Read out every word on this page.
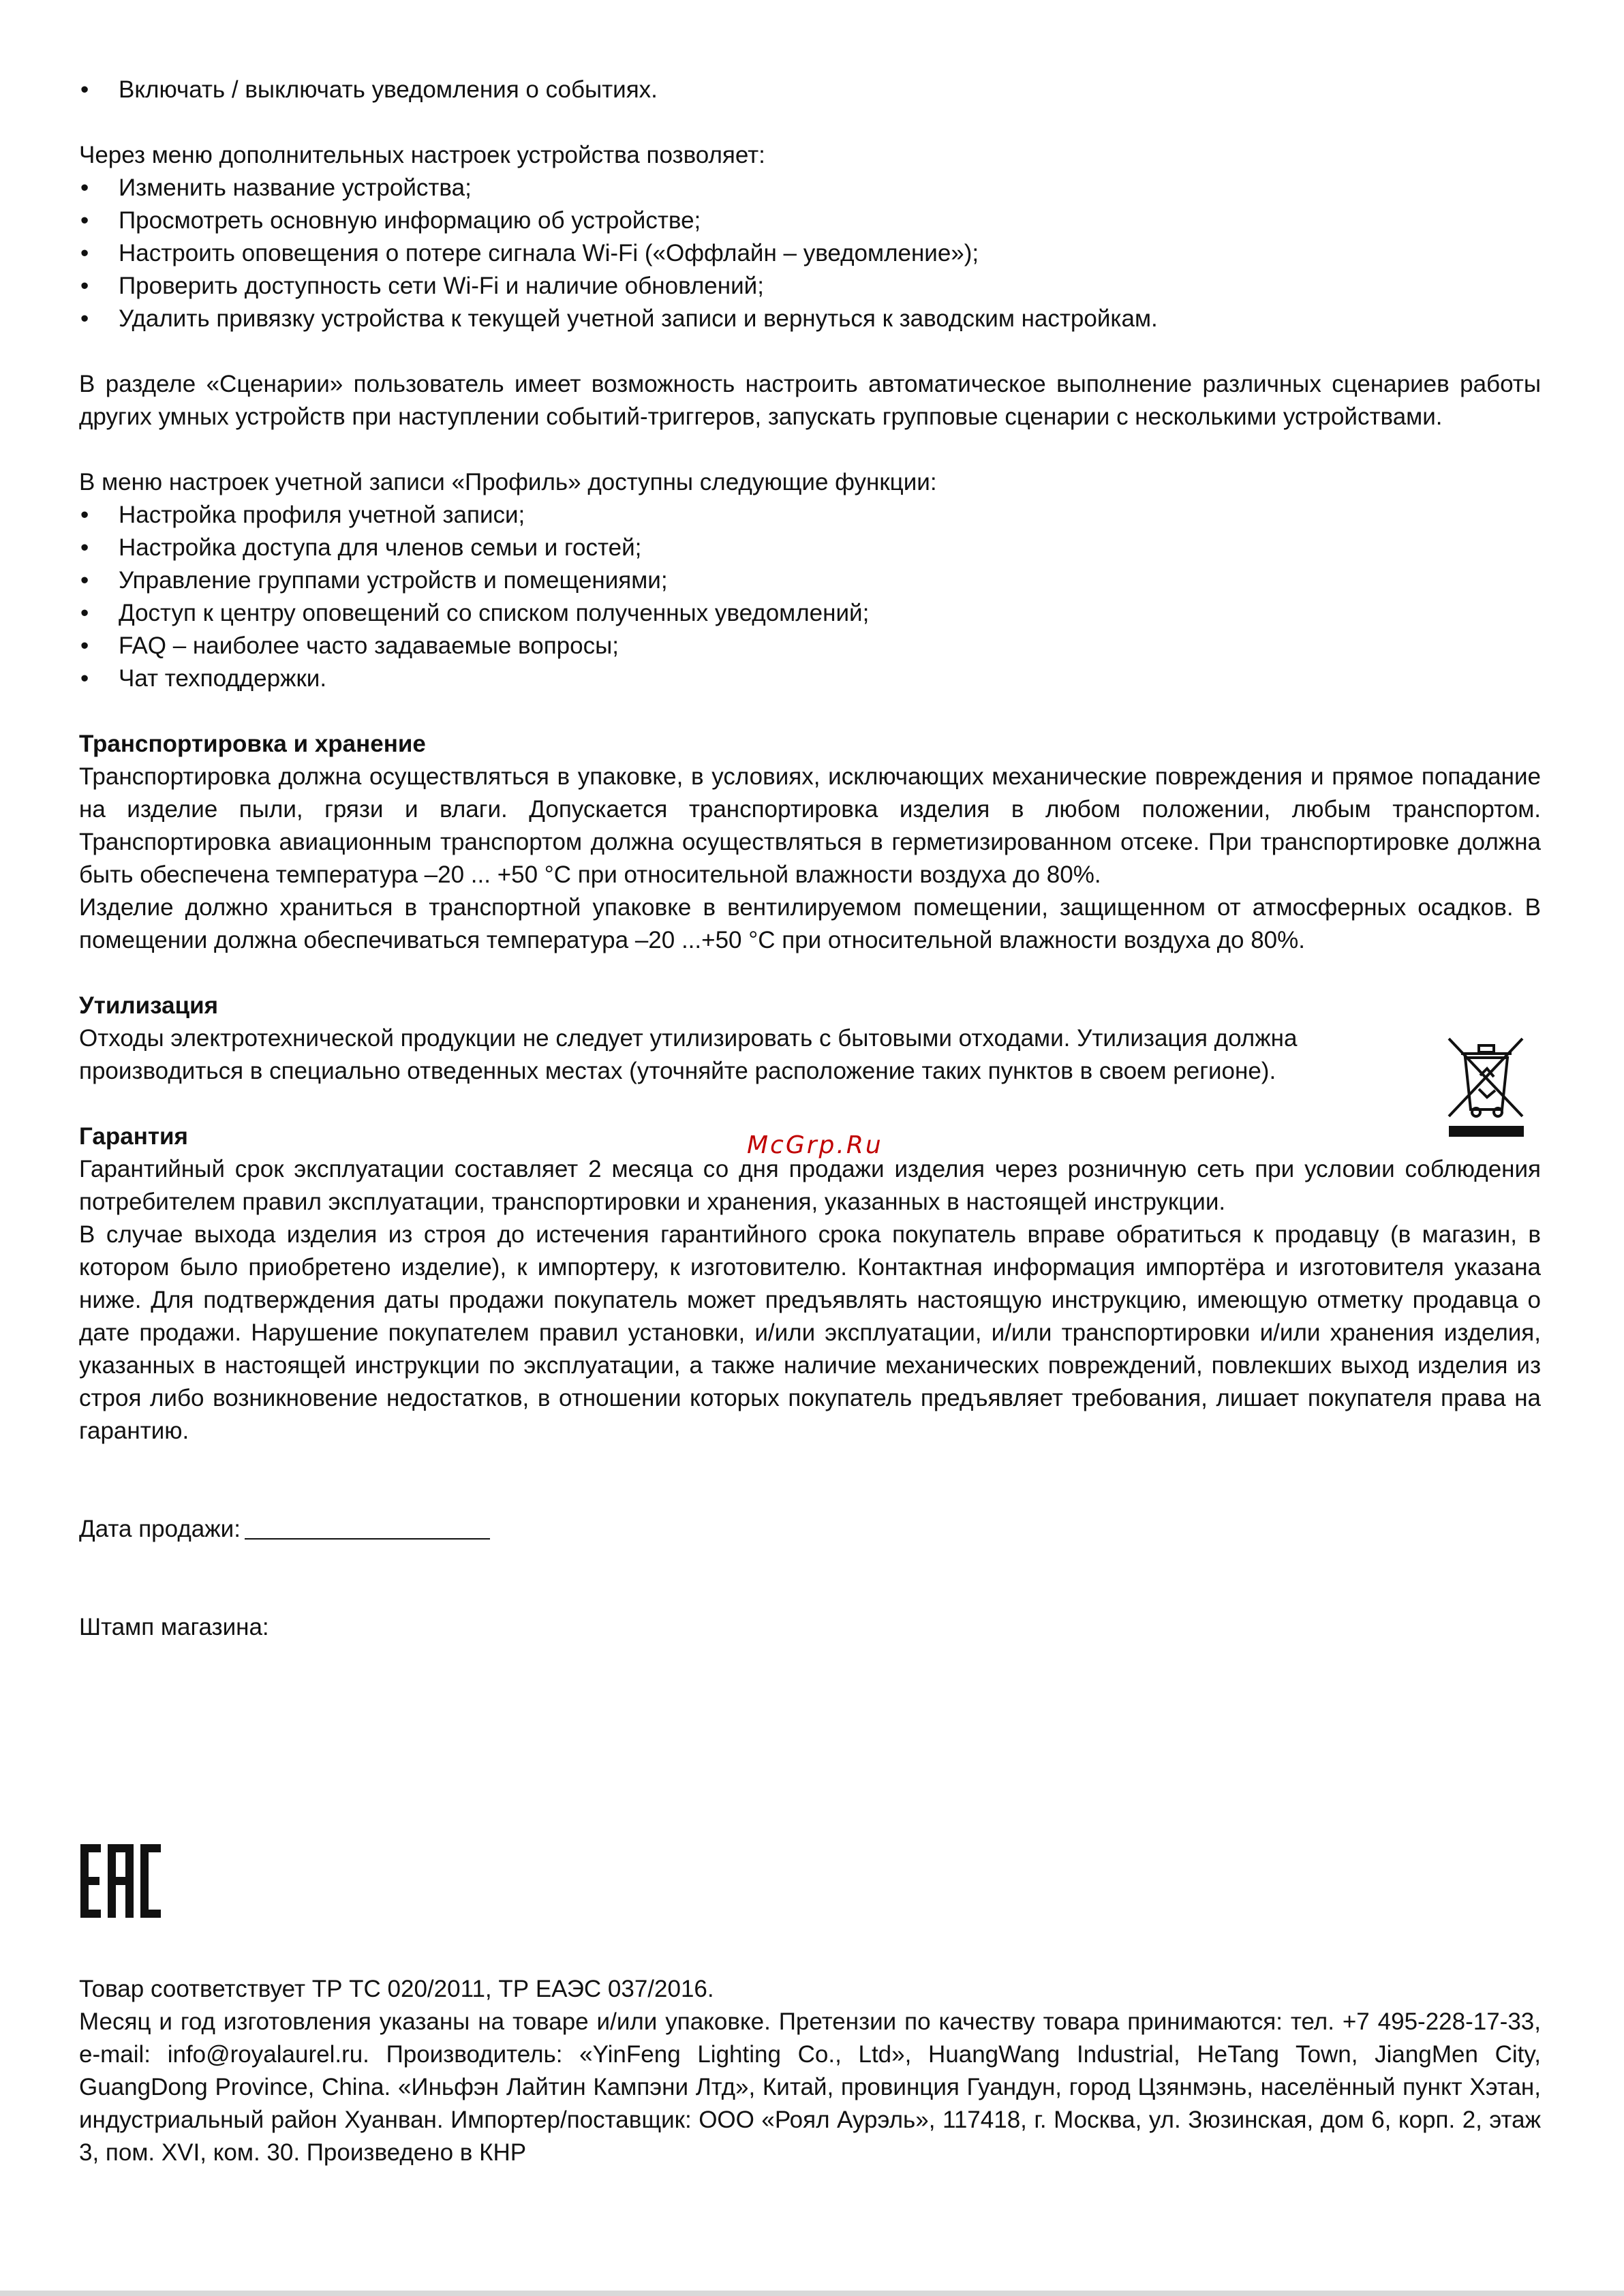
• Включать / выключать уведомления о событиях.

Через меню дополнительных настроек устройства позволяет:

• Изменить название устройства;
• Просмотреть основную информацию об устройстве;
• Настроить оповещения о потере сигнала Wi-Fi («Оффлайн – уведомление»);
• Проверить доступность сети Wi-Fi и наличие обновлений;
• Удалить привязку устройства к текущей учетной записи и вернуться к заводским настройкам.

В разделе «Сценарии» пользователь имеет возможность настроить автоматическое выполнение различных сценариев работы других умных устройств при наступлении событий-триггеров, запускать групповые сценарии с несколькими устройствами.

В меню настроек учетной записи «Профиль» доступны следующие функции:

• Настройка профиля учетной записи;
• Настройка доступа для членов семьи и гостей;
• Управление группами устройств и помещениями;
• Доступ к центру оповещений со списком полученных уведомлений;
• FAQ – наиболее часто задаваемые вопросы;
• Чат техподдержки.
Транспортировка и хранение

Транспортировка должна осуществляться в упаковке, в условиях, исключающих механические повреждения и прямое попадание на изделие пыли, грязи и влаги. Допускается транспортировка изделия в любом положении, любым транспортом. Транспортировка авиационным транспортом должна осуществляться в герметизированном отсеке. При транспортировке должна быть обеспечена температура –20 ... +50 °C при относительной влажности воздуха до 80%.

Изделие должно храниться в транспортной упаковке в вентилируемом помещении, защищенном от атмосферных осадков. В помещении должна обеспечиваться температура –20 ...+50 °C при относительной влажности воздуха до 80%.

Утилизация

Отходы электротехнической продукции не следует утилизировать с бытовыми отходами. Утилизация должна производиться в специально отведенных местах (уточняйте расположение таких пунктов в своем регионе).

Гарантия

Гарантийный срок эксплуатации составляет 2 месяца со дня продажи изделия через розничную сеть при условии соблюдения потребителем правил эксплуатации, транспортировки и хранения, указанных в настоящей инструкции.

В случае выхода изделия из строя до истечения гарантийного срока покупатель вправе обратиться к продавцу (в магазин, в котором было приобретено изделие), к импортеру, к изготовителю. Контактная информация импортёра и изготовителя указана ниже. Для подтверждения даты продажи покупатель может предъявлять настоящую инструкцию, имеющую отметку продавца о дате продажи. Нарушение покупателем правил установки, и/или эксплуатации, и/или транспортировки и/или хранения изделия, указанных в настоящей инструкции по эксплуатации, а также наличие механических повреждений, повлекших выход изделия из строя либо возникновение недостатков, в отношении которых покупатель предъявляет требования, лишает покупателя права на гарантию.

Дата продажи:
Штамп магазина:
McGrp.Ru

Товар соответствует ТР ТС 020/2011, ТР ЕАЭС 037/2016.

Месяц и год изготовления указаны на товаре и/или упаковке. Претензии по качеству товара принимаются: тел. +7 495-228-17-33, e-mail: info@royalaurel.ru. Производитель: «YinFeng Lighting Co., Ltd», HuangWang Industrial, HeTang Town, JiangMen City, GuangDong Province, China. «Иньфэн Лайтин Кампэни Лтд», Китай, провинция Гуандун, город Цзянмэнь, населённый пункт Хэтан, индустриальный район Хуанван. Импортер/поставщик: ООО «Роял Аурэль», 117418, г. Москва, ул. Зюзинская, дом 6, корп. 2, этаж 3, пом. XVI, ком. 30. Произведено в КНР
